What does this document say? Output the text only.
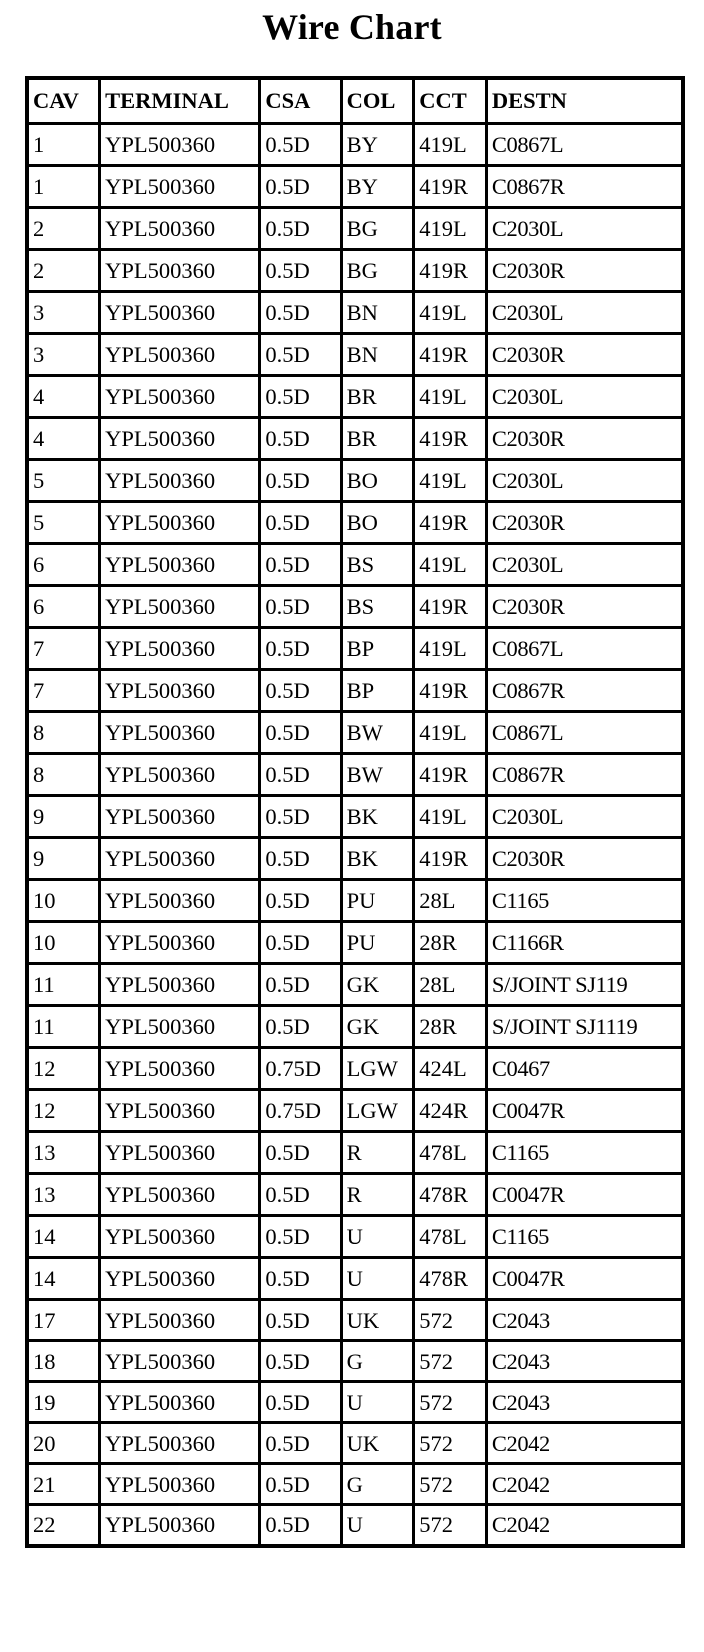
Wire Chart
CAV	TERMINAL	CSA	COL	CCT	DESTN
1	YPL500360	0.5D	BY	419L	C0867L
1	YPL500360	0.5D	BY	419R	C0867R
2	YPL500360	0.5D	BG	419L	C2030L
2	YPL500360	0.5D	BG	419R	C2030R
3	YPL500360	0.5D	BN	419L	C2030L
3	YPL500360	0.5D	BN	419R	C2030R
4	YPL500360	0.5D	BR	419L	C2030L
4	YPL500360	0.5D	BR	419R	C2030R
5	YPL500360	0.5D	BO	419L	C2030L
5	YPL500360	0.5D	BO	419R	C2030R
6	YPL500360	0.5D	BS	419L	C2030L
6	YPL500360	0.5D	BS	419R	C2030R
7	YPL500360	0.5D	BP	419L	C0867L
7	YPL500360	0.5D	BP	419R	C0867R
8	YPL500360	0.5D	BW	419L	C0867L
8	YPL500360	0.5D	BW	419R	C0867R
9	YPL500360	0.5D	BK	419L	C2030L
9	YPL500360	0.5D	BK	419R	C2030R
10	YPL500360	0.5D	PU	28L	C1165
10	YPL500360	0.5D	PU	28R	C1166R
11	YPL500360	0.5D	GK	28L	S/JOINT SJ119
11	YPL500360	0.5D	GK	28R	S/JOINT SJ1119
12	YPL500360	0.75D	LGW	424L	C0467
12	YPL500360	0.75D	LGW	424R	C0047R
13	YPL500360	0.5D	R	478L	C1165
13	YPL500360	0.5D	R	478R	C0047R
14	YPL500360	0.5D	U	478L	C1165
14	YPL500360	0.5D	U	478R	C0047R
17	YPL500360	0.5D	UK	572	C2043
18	YPL500360	0.5D	G	572	C2043
19	YPL500360	0.5D	U	572	C2043
20	YPL500360	0.5D	UK	572	C2042
21	YPL500360	0.5D	G	572	C2042
22	YPL500360	0.5D	U	572	C2042
